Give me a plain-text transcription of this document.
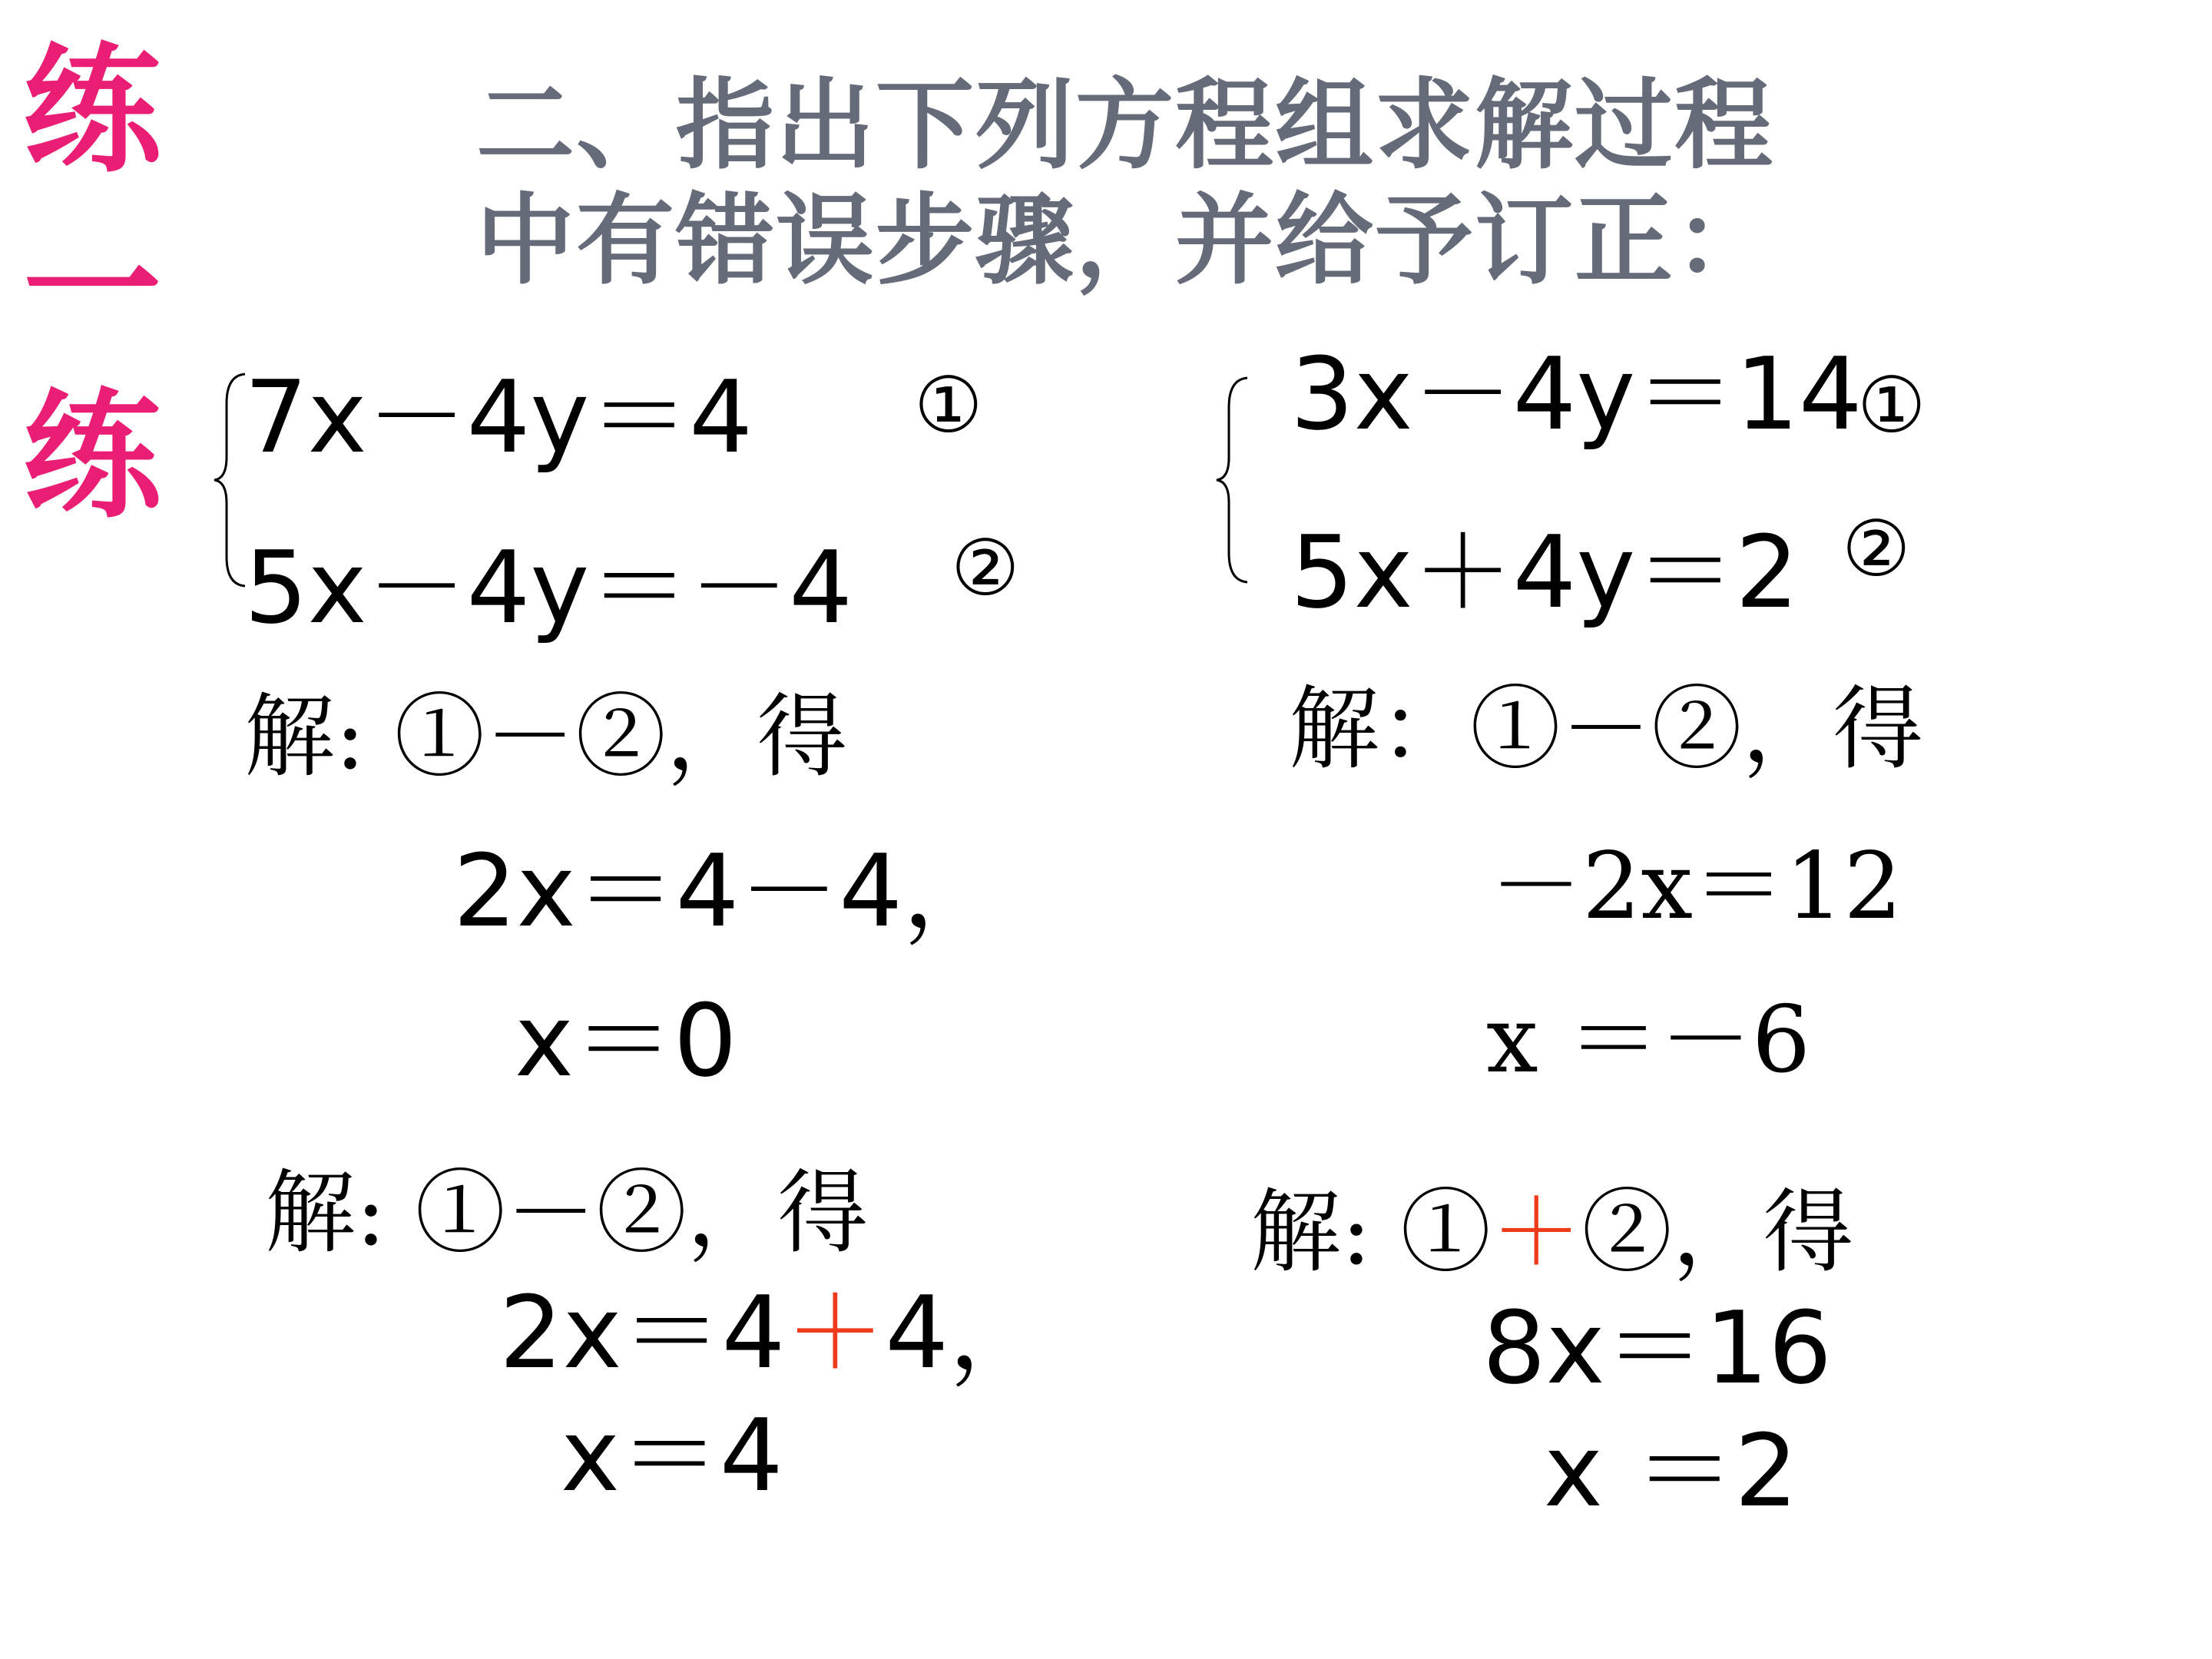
练
一
练
二、指出下列方程组求解过程
中有错误步骤，并给予订正：
7x－4y＝4 ①
5x－4y＝－4 ②
解: ①－②，得
2x＝4－4，
x＝0
解: ①－②，得
2x＝4＋4，
x＝4
3x－4y＝14
①
5x＋4y＝2 ②
解：①－②，得
－2x＝12
x ＝－6
解: ①＋②，得
8x＝16
x ＝2
